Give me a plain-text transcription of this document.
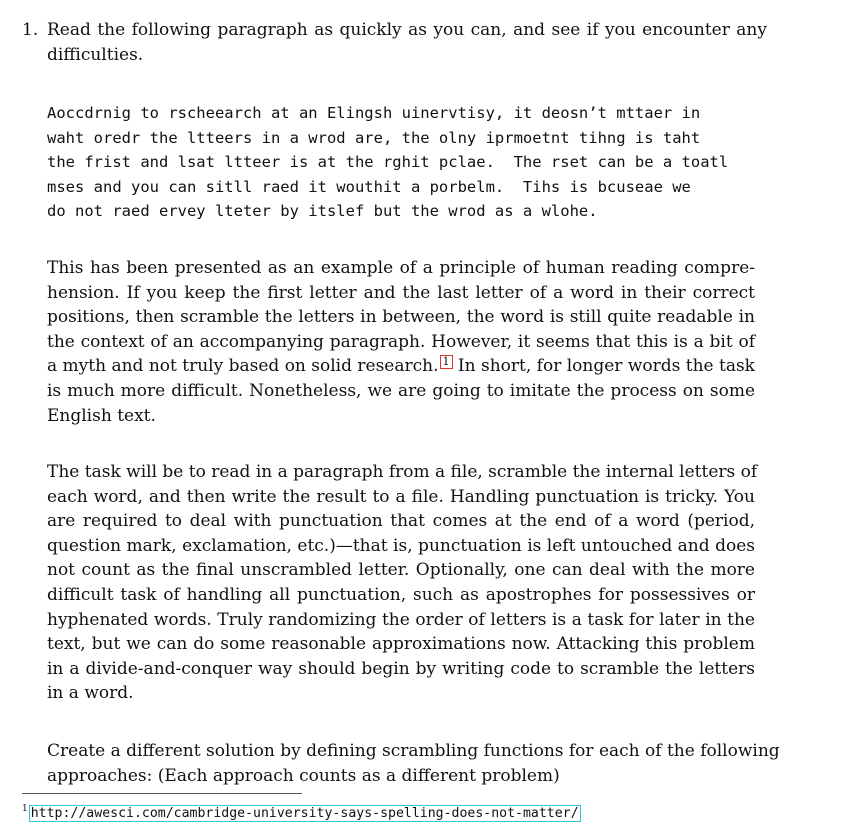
1. Read the following paragraph as quickly as you can, and see if you encounter any
difficulties.
Aoccdrnig to rscheearch at an Elingsh uinervtisy, it deosn’t mttaer in
waht oredr the ltteers in a wrod are, the olny iprmoetnt tihng is taht
the frist and lsat ltteer is at the rghit pclae.  The rset can be a toatl
mses and you can sitll raed it wouthit a porbelm.  Tihs is bcuseae we
do not raed ervey lteter by itslef but the wrod as a wlohe.
This has been presented as an example of a principle of human reading compre-
hension. If you keep the first letter and the last letter of a word in their correct
positions, then scramble the letters in between, the word is still quite readable in
the context of an accompanying paragraph. However, it seems that this is a bit of
a myth and not truly based on solid research. 1 In short, for longer words the task
is much more difficult. Nonetheless, we are going to imitate the process on some
English text.
The task will be to read in a paragraph from a file, scramble the internal letters of
each word, and then write the result to a file. Handling punctuation is tricky. You
are required to deal with punctuation that comes at the end of a word (period,
question mark, exclamation, etc.)—that is, punctuation is left untouched and does
not count as the final unscrambled letter. Optionally, one can deal with the more
difficult task of handling all punctuation, such as apostrophes for possessives or
hyphenated words. Truly randomizing the order of letters is a task for later in the
text, but we can do some reasonable approximations now. Attacking this problem
in a divide-and-conquer way should begin by writing code to scramble the letters
in a word.
Create a different solution by defining scrambling functions for each of the following
approaches: (Each approach counts as a different problem)
$^1$ http://awesci.com/cambridge-university-says-spelling-does-not-matter/
